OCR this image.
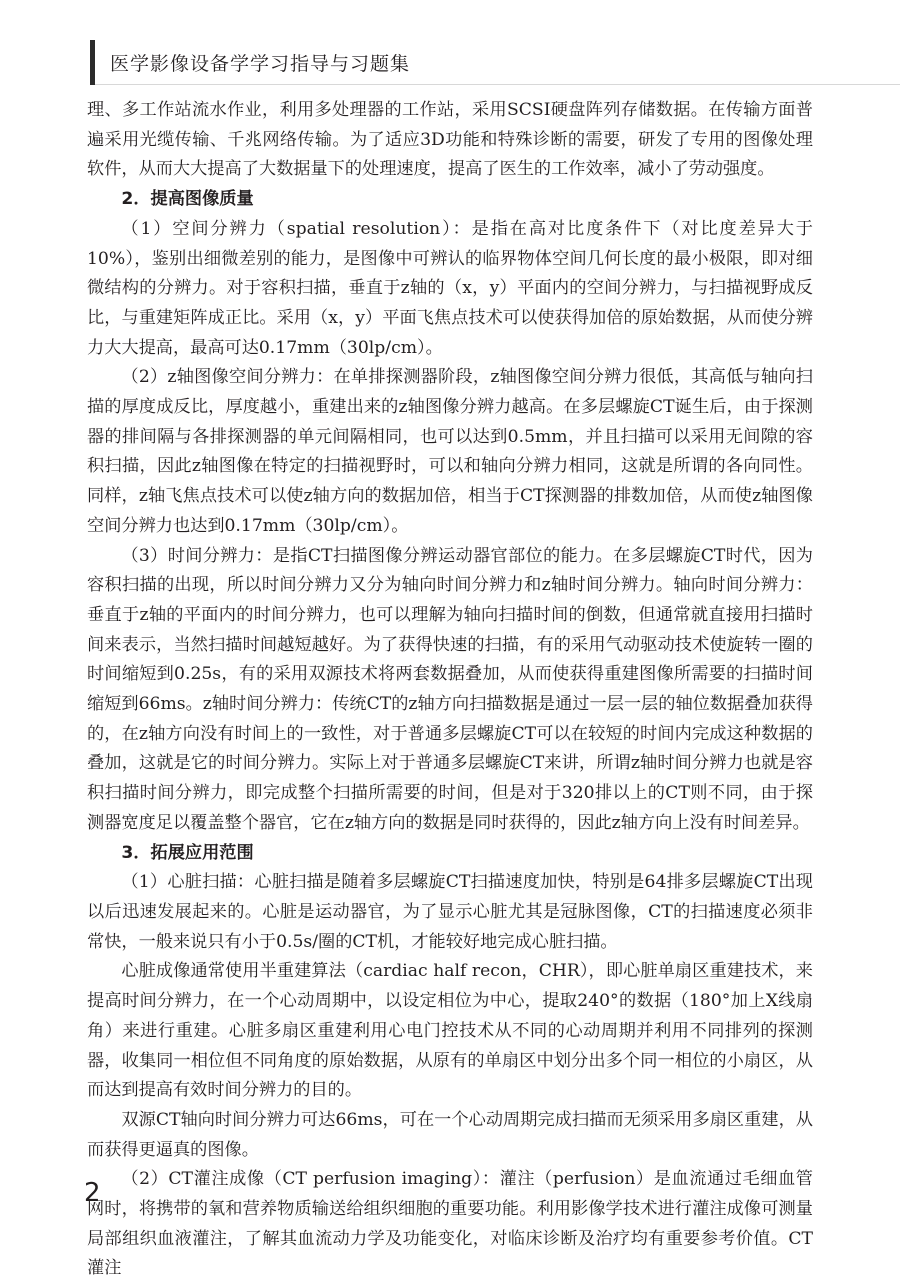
医学影像设备学学习指导与习题集

理、多工作站流水作业，利用多处理器的工作站，采用SCSI硬盘阵列存储数据。在传输方面普遍采用光缆传输、千兆网络传输。为了适应3D功能和特殊诊断的需要，研发了专用的图像处理软件，从而大大提高了大数据量下的处理速度，提高了医生的工作效率，减小了劳动强度。

2．提高图像质量

（1）空间分辨力（spatial resolution）：是指在高对比度条件下（对比度差异大于10%），鉴别出细微差别的能力，是图像中可辨认的临界物体空间几何长度的最小极限，即对细微结构的分辨力。对于容积扫描，垂直于z轴的（x，y）平面内的空间分辨力，与扫描视野成反比，与重建矩阵成正比。采用（x，y）平面飞焦点技术可以使获得加倍的原始数据，从而使分辨力大大提高，最高可达0.17mm（30lp/cm）。

（2）z轴图像空间分辨力：在单排探测器阶段，z轴图像空间分辨力很低，其高低与轴向扫描的厚度成反比，厚度越小，重建出来的z轴图像分辨力越高。在多层螺旋CT诞生后，由于探测器的排间隔与各排探测器的单元间隔相同，也可以达到0.5mm，并且扫描可以采用无间隙的容积扫描，因此z轴图像在特定的扫描视野时，可以和轴向分辨力相同，这就是所谓的各向同性。同样，z轴飞焦点技术可以使z轴方向的数据加倍，相当于CT探测器的排数加倍，从而使z轴图像空间分辨力也达到0.17mm（30lp/cm）。

（3）时间分辨力：是指CT扫描图像分辨运动器官部位的能力。在多层螺旋CT时代，因为容积扫描的出现，所以时间分辨力又分为轴向时间分辨力和z轴时间分辨力。轴向时间分辨力：垂直于z轴的平面内的时间分辨力，也可以理解为轴向扫描时间的倒数，但通常就直接用扫描时间来表示，当然扫描时间越短越好。为了获得快速的扫描，有的采用气动驱动技术使旋转一圈的时间缩短到0.25s，有的采用双源技术将两套数据叠加，从而使获得重建图像所需要的扫描时间缩短到66ms。z轴时间分辨力：传统CT的z轴方向扫描数据是通过一层一层的轴位数据叠加获得的，在z轴方向没有时间上的一致性，对于普通多层螺旋CT可以在较短的时间内完成这种数据的叠加，这就是它的时间分辨力。实际上对于普通多层螺旋CT来讲，所谓z轴时间分辨力也就是容积扫描时间分辨力，即完成整个扫描所需要的时间，但是对于320排以上的CT则不同，由于探测器宽度足以覆盖整个器官，它在z轴方向的数据是同时获得的，因此z轴方向上没有时间差异。

3．拓展应用范围

（1）心脏扫描：心脏扫描是随着多层螺旋CT扫描速度加快，特别是64排多层螺旋CT出现以后迅速发展起来的。心脏是运动器官，为了显示心脏尤其是冠脉图像，CT的扫描速度必须非常快，一般来说只有小于0.5s/圈的CT机，才能较好地完成心脏扫描。

心脏成像通常使用半重建算法（cardiac half recon，CHR），即心脏单扇区重建技术，来提高时间分辨力，在一个心动周期中，以设定相位为中心，提取240°的数据（180°加上X线扇角）来进行重建。心脏多扇区重建利用心电门控技术从不同的心动周期并利用不同排列的探测器，收集同一相位但不同角度的原始数据，从原有的单扇区中划分出多个同一相位的小扇区，从而达到提高有效时间分辨力的目的。

双源CT轴向时间分辨力可达66ms，可在一个心动周期完成扫描而无须采用多扇区重建，从而获得更逼真的图像。

（2）CT灌注成像（CT perfusion imaging）：灌注（perfusion）是血流通过毛细血管网时，将携带的氧和营养物质输送给组织细胞的重要功能。利用影像学技术进行灌注成像可测量局部组织血液灌注，了解其血流动力学及功能变化，对临床诊断及治疗均有重要参考价值。CT灌注

2
